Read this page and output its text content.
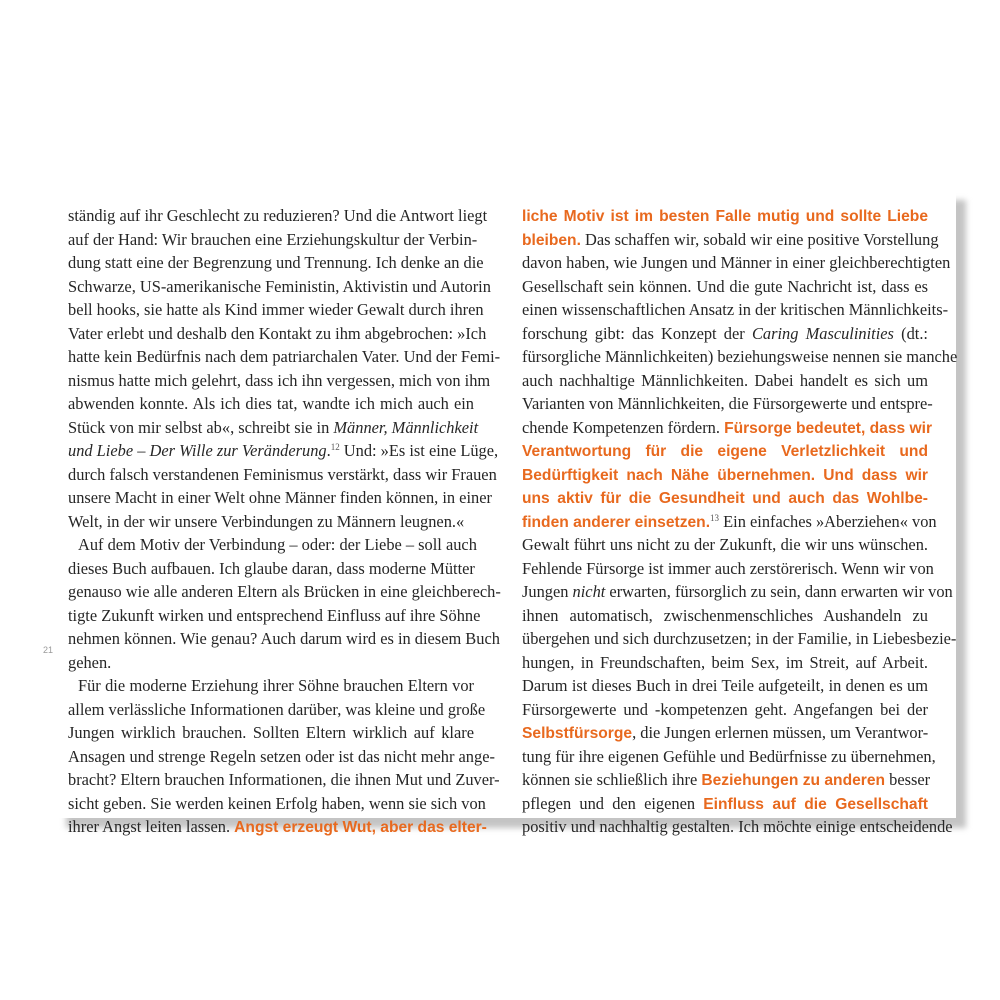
21
ständig auf ihr Geschlecht zu reduzieren? Und die Antwort liegt
auf der Hand: Wir brauchen eine Erziehungskultur der Verbin-
dung statt eine der Begrenzung und Trennung. Ich denke an die
Schwarze, US-amerikanische Feministin, Aktivistin und Autorin
bell hooks, sie hatte als Kind immer wieder Gewalt durch ihren
Vater erlebt und deshalb den Kontakt zu ihm abgebrochen: »Ich
hatte kein Bedürfnis nach dem patriarchalen Vater. Und der Femi-
nismus hatte mich gelehrt, dass ich ihn vergessen, mich von ihm
abwenden konnte. Als ich dies tat, wandte ich mich auch ein
Stück von mir selbst ab«, schreibt sie in Männer, Männlichkeit
und Liebe – Der Wille zur Veränderung.$^{12}$ Und: »Es ist eine Lüge,
durch falsch verstandenen Feminismus verstärkt, dass wir Frauen
unsere Macht in einer Welt ohne Männer finden können, in einer
Welt, in der wir unsere Verbindungen zu Männern leugnen.«
Auf dem Motiv der Verbindung – oder: der Liebe – soll auch
dieses Buch aufbauen. Ich glaube daran, dass moderne Mütter
genauso wie alle anderen Eltern als Brücken in eine gleichberech-
tigte Zukunft wirken und entsprechend Einfluss auf ihre Söhne
nehmen können. Wie genau? Auch darum wird es in diesem Buch
gehen.
Für die moderne Erziehung ihrer Söhne brauchen Eltern vor
allem verlässliche Informationen darüber, was kleine und große
Jungen wirklich brauchen. Sollten Eltern wirklich auf klare
Ansagen und strenge Regeln setzen oder ist das nicht mehr ange-
bracht? Eltern brauchen Informationen, die ihnen Mut und Zuver-
sicht geben. Sie werden keinen Erfolg haben, wenn sie sich von
ihrer Angst leiten lassen. Angst erzeugt Wut, aber das elter-
liche Motiv ist im besten Falle mutig und sollte Liebe
bleiben. Das schaffen wir, sobald wir eine positive Vorstellung
davon haben, wie Jungen und Männer in einer gleichberechtigten
Gesellschaft sein können. Und die gute Nachricht ist, dass es
einen wissenschaftlichen Ansatz in der kritischen Männlichkeits-
forschung gibt: das Konzept der Caring Masculinities (dt.:
fürsorgliche Männlichkeiten) beziehungsweise nennen sie manche
auch nachhaltige Männlichkeiten. Dabei handelt es sich um
Varianten von Männlichkeiten, die Fürsorgewerte und entspre-
chende Kompetenzen fördern. Fürsorge bedeutet, dass wir
Verantwortung für die eigene Verletzlichkeit und
Bedürftigkeit nach Nähe übernehmen. Und dass wir
uns aktiv für die Gesundheit und auch das Wohlbe-
finden anderer einsetzen.$^{13}$ Ein einfaches »Aberziehen« von
Gewalt führt uns nicht zu der Zukunft, die wir uns wünschen.
Fehlende Fürsorge ist immer auch zerstörerisch. Wenn wir von
Jungen nicht erwarten, fürsorglich zu sein, dann erwarten wir von
ihnen automatisch, zwischenmenschliches Aushandeln zu
übergehen und sich durchzusetzen; in der Familie, in Liebesbezie-
hungen, in Freundschaften, beim Sex, im Streit, auf Arbeit.
Darum ist dieses Buch in drei Teile aufgeteilt, in denen es um
Fürsorgewerte und -kompetenzen geht. Angefangen bei der
Selbstfürsorge, die Jungen erlernen müssen, um Verantwor-
tung für ihre eigenen Gefühle und Bedürfnisse zu übernehmen,
können sie schließlich ihre Beziehungen zu anderen besser
pflegen und den eigenen Einfluss auf die Gesellschaft
positiv und nachhaltig gestalten. Ich möchte einige entscheidende
